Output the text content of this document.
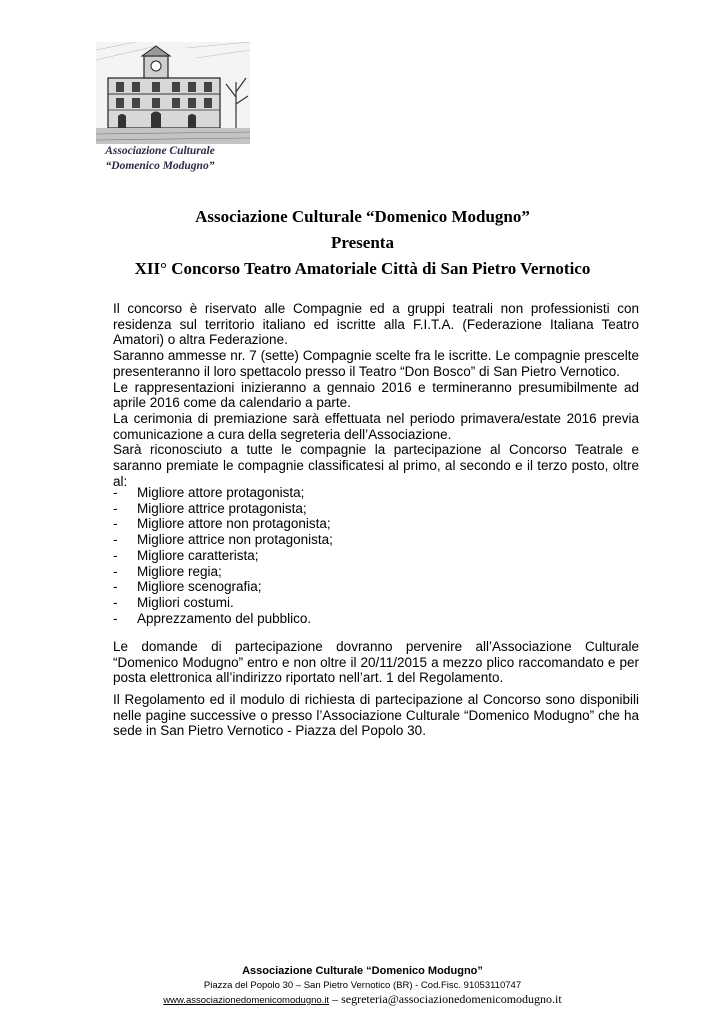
Associazione Culturale
“Domenico Modugno”
Associazione Culturale “Domenico Modugno”
Presenta
XII° Concorso Teatro Amatoriale Città di San Pietro Vernotico

Il concorso è riservato alle Compagnie ed a gruppi teatrali non professionisti con residenza sul territorio italiano ed iscritte alla F.I.T.A. (Federazione Italiana Teatro Amatori) o altra Federazione.

Saranno ammesse nr. 7 (sette) Compagnie scelte fra le iscritte. Le compagnie prescelte presenteranno il loro spettacolo presso il Teatro “Don Bosco” di San Pietro Vernotico.

Le rappresentazioni inizieranno a gennaio 2016 e termineranno presumibilmente ad aprile 2016 come da calendario a parte.

La cerimonia di premiazione sarà effettuata nel periodo primavera/estate 2016 previa comunicazione a cura della segreteria dell’Associazione.

Sarà riconosciuto a tutte le compagnie la partecipazione al Concorso Teatrale e saranno premiate le compagnie classificatesi al primo, al secondo e il terzo posto, oltre al:

- Migliore attore protagonista;
- Migliore attrice protagonista;
- Migliore attore non protagonista;
- Migliore attrice non protagonista;
- Migliore caratterista;
- Migliore regia;
- Migliore scenografia;
- Migliori costumi.
- Apprezzamento del pubblico.

Le domande di partecipazione dovranno pervenire all’Associazione Culturale “Domenico Modugno” entro e non oltre il 20/11/2015 a mezzo plico raccomandato e per posta elettronica all’indirizzo riportato nell’art. 1 del Regolamento.

Il Regolamento ed il modulo di richiesta di partecipazione al Concorso sono disponibili nelle pagine successive o presso l’Associazione Culturale “Domenico Modugno” che ha sede in San Pietro Vernotico - Piazza del Popolo 30.

Associazione Culturale “Domenico Modugno”
Piazza del Popolo 30 – San Pietro Vernotico (BR) - Cod.Fisc. 91053110747
www.associazionedomenicomodugno.it – segreteria@associazionedomenicomodugno.it
